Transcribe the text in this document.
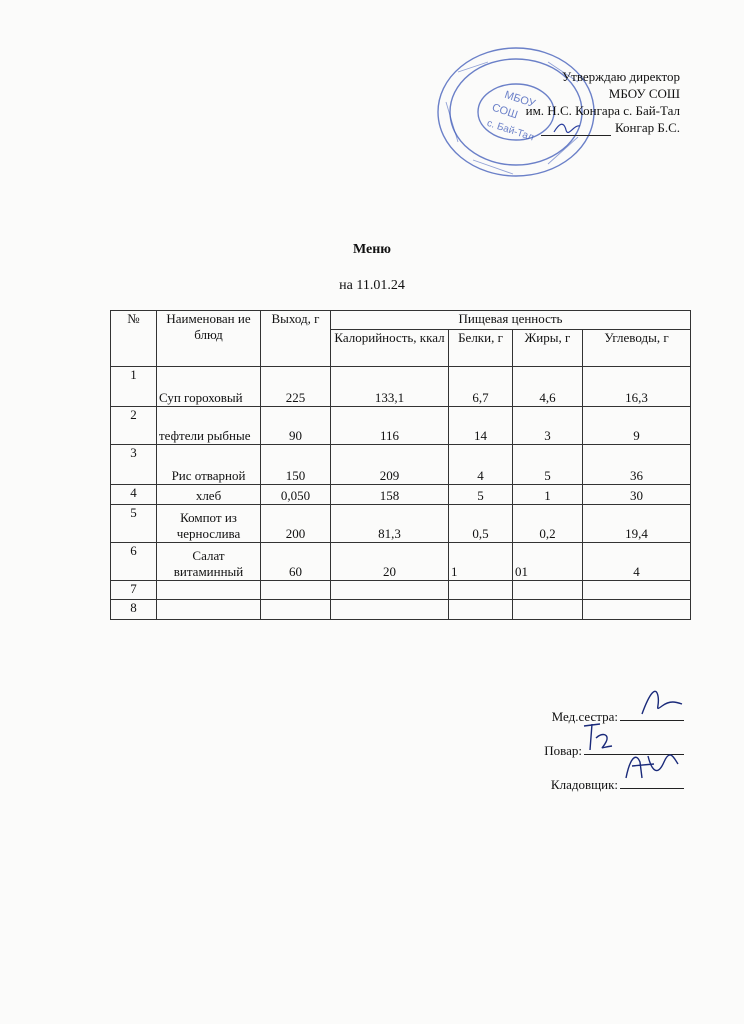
МБОУ
СОШ
с. Бай-Тал
Утверждаю директор
МБОУ СОШ
им. Н.С. Конгара с. Бай-Тал
Конгар Б.С.
Меню
на 11.01.24
№	Наименован ие блюд	Выход, г	Пищевая ценность			
			Калорийность, ккал	Белки, г	Жиры, г	Углеводы, г
1	Суп гороховый	225	133,1	6,7	4,6	16,3
2	тефтели рыбные	90	116	14	3	9
3	Рис отварной	150	209	4	5	36
4	хлеб	0,050	158	5	1	30
5	Компот из чернослива	200	81,3	0,5	0,2	19,4
6	Салат витаминный	60	20	1	01	4
7						
8						
Мед.сестра:
Повар:
Кладовщик:
